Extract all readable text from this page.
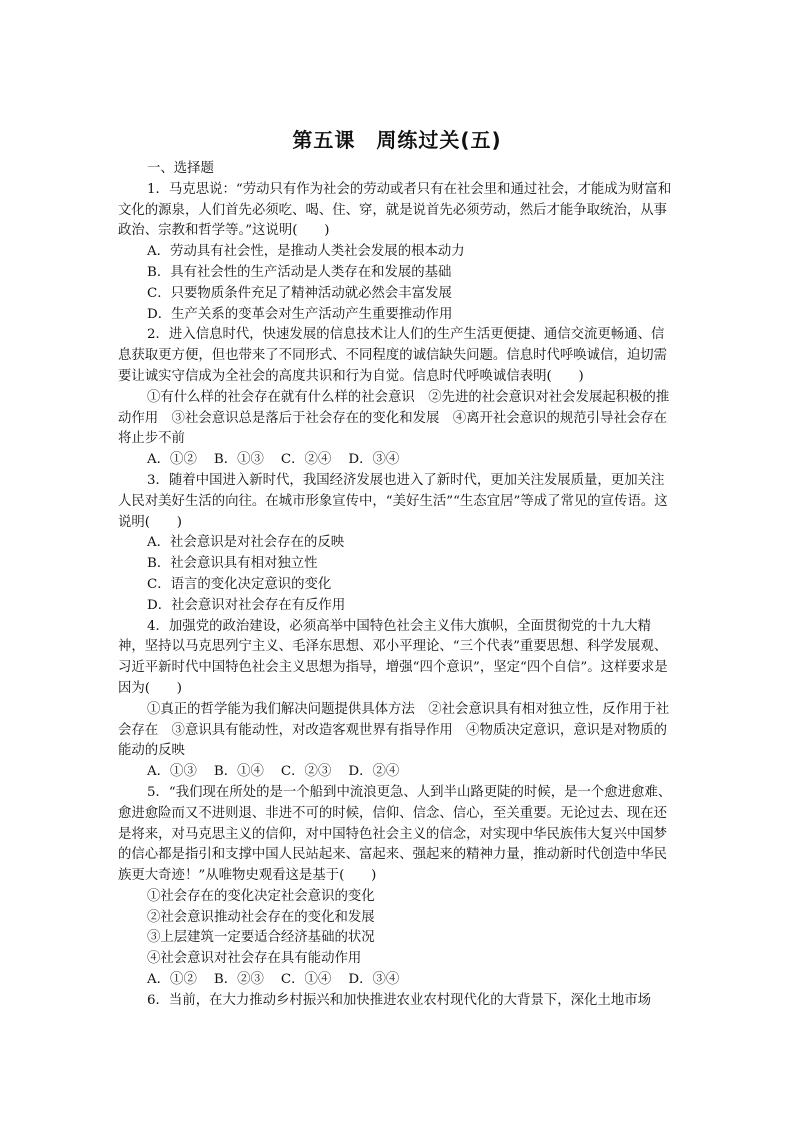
第五课　周练过关(五)

一、选择题

1．马克思说：“劳动只有作为社会的劳动或者只有在社会里和通过社会，才能成为财富和文化的源泉，人们首先必须吃、喝、住、穿，就是说首先必须劳动，然后才能争取统治，从事政治、宗教和哲学等。”这说明(　　)

A．劳动具有社会性，是推动人类社会发展的根本动力

B．具有社会性的生产活动是人类存在和发展的基础

C．只要物质条件充足了精神活动就必然会丰富发展

D．生产关系的变革会对生产活动产生重要推动作用

2．进入信息时代，快速发展的信息技术让人们的生产生活更便捷、通信交流更畅通、信息获取更方便，但也带来了不同形式、不同程度的诚信缺失问题。信息时代呼唤诚信，迫切需要让诚实守信成为全社会的高度共识和行为自觉。信息时代呼唤诚信表明(　　)

①有什么样的社会存在就有什么样的社会意识　②先进的社会意识对社会发展起积极的推动作用　③社会意识总是落后于社会存在的变化和发展　④离开社会意识的规范引导社会存在将止步不前

A．①② B．①③ C．②④ D．③④

3．随着中国进入新时代，我国经济发展也进入了新时代，更加关注发展质量，更加关注人民对美好生活的向往。在城市形象宣传中，“美好生活”“生态宜居”等成了常见的宣传语。这说明(　　)

A．社会意识是对社会存在的反映

B．社会意识具有相对独立性

C．语言的变化决定意识的变化

D．社会意识对社会存在有反作用

4．加强党的政治建设，必须高举中国特色社会主义伟大旗帜，全面贯彻党的十九大精神，坚持以马克思列宁主义、毛泽东思想、邓小平理论、“三个代表”重要思想、科学发展观、习近平新时代中国特色社会主义思想为指导，增强“四个意识”，坚定“四个自信”。这样要求是因为(　　)

①真正的哲学能为我们解决问题提供具体方法　②社会意识具有相对独立性，反作用于社会存在　③意识具有能动性，对改造客观世界有指导作用　④物质决定意识，意识是对物质的能动的反映

A．①③ B．①④ C．②③ D．②④

5．“我们现在所处的是一个船到中流浪更急、人到半山路更陡的时候，是一个愈进愈难、愈进愈险而又不进则退、非进不可的时候，信仰、信念、信心，至关重要。无论过去、现在还是将来，对马克思主义的信仰，对中国特色社会主义的信念，对实现中华民族伟大复兴中国梦的信心都是指引和支撑中国人民站起来、富起来、强起来的精神力量，推动新时代创造中华民族更大奇迹！”从唯物史观看这是基于(　　)

①社会存在的变化决定社会意识的变化

②社会意识推动社会存在的变化和发展

③上层建筑一定要适合经济基础的状况

④社会意识对社会存在具有能动作用

A．①② B．②③ C．①④ D．③④

6．当前，在大力推动乡村振兴和加快推进农业农村现代化的大背景下，深化土地市场
